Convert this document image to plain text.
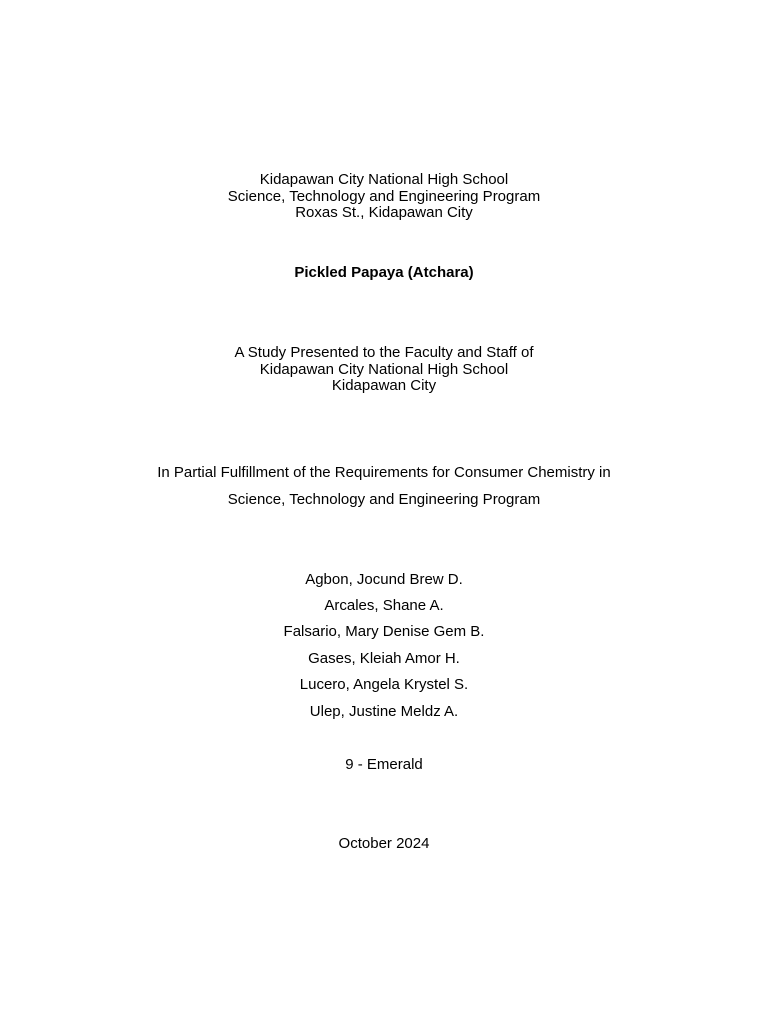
Kidapawan City National High School
Science, Technology and Engineering Program
Roxas St., Kidapawan City
Pickled Papaya (Atchara)
A Study Presented to the Faculty and Staff of
Kidapawan City National High School
Kidapawan City
In Partial Fulfillment of the Requirements for Consumer Chemistry in
Science, Technology and Engineering Program
Agbon, Jocund Brew D.
Arcales, Shane A.
Falsario, Mary Denise Gem B.
Gases, Kleiah Amor H.
Lucero, Angela Krystel S.
Ulep, Justine Meldz A.
9 - Emerald
October 2024
